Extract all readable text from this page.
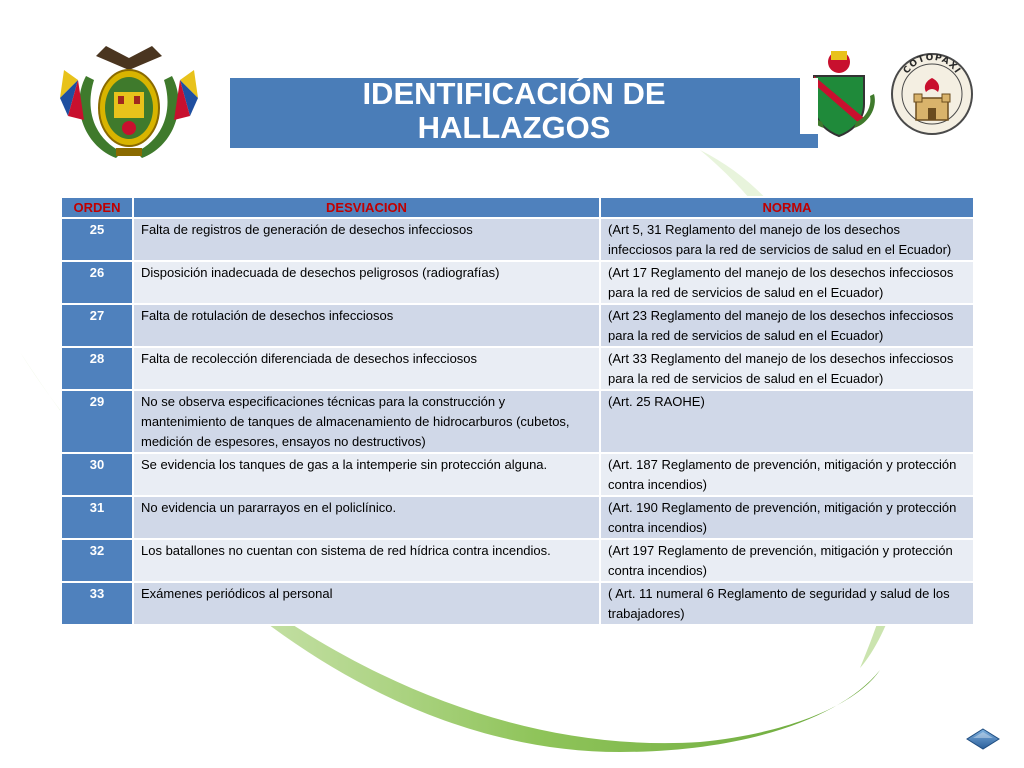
COTOPAXI
IDENTIFICACIÓN DE HALLAZGOS
ORDEN	DESVIACION	NORMA
25	Falta de registros de generación de desechos infecciosos	(Art 5, 31 Reglamento del manejo de los desechos infecciosos para la red de servicios de salud en el Ecuador)
26	Disposición inadecuada de desechos peligrosos (radiografías)	(Art 17 Reglamento del manejo de los desechos infecciosos para la red de servicios de salud en el Ecuador)
27	Falta de rotulación de desechos infecciosos	(Art 23 Reglamento del manejo de los desechos infecciosos para la red de servicios de salud en el Ecuador)
28	Falta de recolección diferenciada de desechos infecciosos	(Art 33 Reglamento del manejo de los desechos infecciosos para la red de servicios de salud en el Ecuador)
29	No se observa especificaciones técnicas para la construcción y mantenimiento de tanques de almacenamiento de hidrocarburos (cubetos, medición de espesores, ensayos no destructivos)	(Art. 25 RAOHE)
30	Se evidencia los tanques de gas a la intemperie sin protección alguna.	(Art. 187 Reglamento de prevención, mitigación y protección contra incendios)
31	No evidencia un pararrayos en el policlínico.	(Art. 190 Reglamento de prevención, mitigación y protección contra incendios)
32	Los batallones no cuentan con sistema de red hídrica contra incendios.	(Art 197 Reglamento de prevención, mitigación y protección contra incendios)
33	Exámenes periódicos al personal	( Art. 11 numeral 6 Reglamento de seguridad y salud de los trabajadores)
